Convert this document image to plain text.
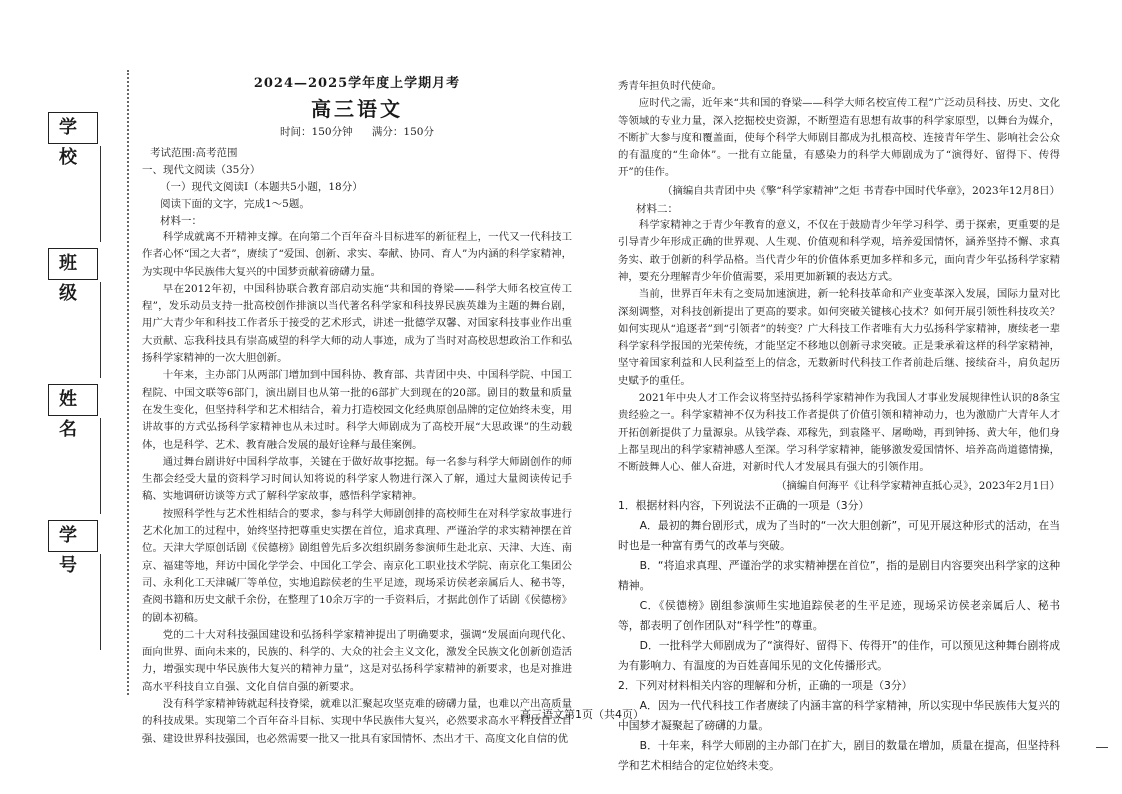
学 校
班 级
姓 名
学 号
2024—2025学年度上学期月考
高三语文
时间：150分钟 满分：150分
考试范围:高考范围
一、现代文阅读（35分）
（一）现代文阅读Ⅰ（本题共5小题，18分）
阅读下面的文字，完成1～5题。
材料一：

科学成就离不开精神支撑。在向第二个百年奋斗目标进军的新征程上，一代又一代科技工作者心怀“国之大者”，赓续了“爱国、创新、求实、奉献、协同、育人”为内涵的科学家精神，为实现中华民族伟大复兴的中国梦贡献着磅礴力量。

早在2012年初，中国科协联合教育部启动实施“共和国的脊梁——科学大师名校宣传工程”，发乐动员支持一批高校创作排演以当代著名科学家和科技界民族英雄为主题的舞台剧，用广大青少年和科技工作者乐于接受的艺术形式，讲述一批德学双馨、对国家科技事业作出重大贡献、忘我科技具有崇高威望的科学大师的动人事迹，成为了当时对高校思想政治工作和弘扬科学家精神的一次大胆创新。

十年来，主办部门从两部门增加到中国科协、教育部、共青团中央、中国科学院、中国工程院、中国文联等6部门，演出剧目也从第一批的6部扩大到现在的20部。剧目的数量和质量在发生变化，但坚持科学和艺术相结合，着力打造校园文化经典原创品牌的定位始终未变，用讲故事的方式弘扬科学家精神也从未过时。科学大师剧成为了高校开展“大思政课”的生动载体，也是科学、艺术、教育融合发展的最好诠释与最佳案例。

通过舞台剧讲好中国科学故事，关键在于做好故事挖掘。每一名参与科学大师剧创作的师生都会经受大量的资料学习时间认知将说的科学家人物进行深入了解，通过大量阅读传记手稿、实地调研访谈等方式了解科学家故事，感悟科学家精神。

按照科学性与艺术性相结合的要求，参与科学大师剧创排的高校师生在对科学家故事进行艺术化加工的过程中，始终坚持把尊重史实摆在首位，追求真理、严谨治学的求实精神摆在首位。天津大学原创话剧《侯德榜》剧组曾先后多次组织剧务参演师生赴北京、天津、大连、南京、福建等地，拜访中国化学学会、中国化工学会、南京化工职业技术学院、南京化工集团公司、永利化工天津碱厂等单位，实地追踪侯老的生平足迹，现场采访侯老亲属后人、秘书等，查阅书籍和历史文献千余份，在整理了10余万字的一手资料后，才据此创作了话剧《侯德榜》的剧本初稿。

党的二十大对科技强国建设和弘扬科学家精神提出了明确要求，强调“发展面向现代化、面向世界、面向未来的，民族的、科学的、大众的社会主义文化，激发全民族文化创新创造活力，增强实现中华民族伟大复兴的精神力量”，这是对弘扬科学家精神的新要求，也是对推进高水平科技自立自强、文化自信自强的新要求。

没有科学家精神铸就起科技脊梁，就难以汇聚起攻坚克难的磅礴力量，也难以产出高质量的科技成果。实现第二个百年奋斗目标、实现中华民族伟大复兴，必然要求高水平科技自立自强、建设世界科技强国，也必然需要一批又一批具有家国情怀、杰出才干、高度文化自信的优

秀青年担负时代使命。

应时代之需，近年来“共和国的脊梁——科学大师名校宣传工程”广泛动员科技、历史、文化等领域的专业力量，深入挖掘校史资源，不断塑造有思想有故事的科学家原型，以舞台为媒介，不断扩大参与度和覆盖面，使每个科学大师剧目都成为扎根高校、连接青年学生、影响社会公众的有温度的“生命体”。一批有立能量，有感染力的科学大师剧成为了“演得好、留得下、传得开”的佳作。

（摘编自共青团中央《擎“科学家精神”之炬 书青春中国时代华章》，2023年12月8日）
材料二：

科学家精神之于青少年教育的意义，不仅在于鼓励青少年学习科学、勇于探索，更重要的是引导青少年形成正确的世界观、人生观、价值观和科学观，培养爱国情怀，涵养坚持不懈、求真务实、敢于创新的科学品格。当代青少年的价值体系更加多样和多元，面向青少年弘扬科学家精神，要充分理解青少年价值需要，采用更加新颖的表达方式。

当前，世界百年未有之变局加速演进，新一轮科技革命和产业变革深入发展，国际力量对比深刻调整，对科技创新提出了更高的要求。如何突破关键核心技术？如何开展引领性科技攻关？如何实现从“追逐者”到“引领者”的转变？广大科技工作者唯有大力弘扬科学家精神，赓续老一辈科学家科学报国的光荣传统，才能坚定不移地以创新寻求突破。正是秉承着这样的科学家精神，坚守着国家利益和人民利益至上的信念，无数新时代科技工作者前赴后继、接续奋斗，肩负起历史赋予的重任。

2021年中央人才工作会议将坚持弘扬科学家精神作为我国人才事业发展规律性认识的8条宝贵经验之一。科学家精神不仅为科技工作者提供了价值引领和精神动力，也为激励广大青年人才开拓创新提供了力量源泉。从钱学森、邓稼先，到袁隆平、屠呦呦，再到钟扬、黄大年，他们身上都呈现出的科学家精神感人至深。学习科学家精神，能够激发爱国情怀、培养高尚道德情操，不断鼓舞人心、催人奋进，对新时代人才发展具有强大的引领作用。

（摘编自何海平《让科学家精神直抵心灵》，2023年2月1日）

1．根据材料内容，下列说法不正确的一项是（3分）

A．最初的舞台剧形式，成为了当时的“一次大胆创新”，可见开展这种形式的活动，在当时也是一种富有勇气的改革与突破。

B．“将追求真理、严谨治学的求实精神摆在首位”，指的是剧目内容要突出科学家的这种精神。

C．《侯德榜》剧组参演师生实地追踪侯老的生平足迹，现场采访侯老亲属后人、秘书等，都表明了创作团队对“科学性”的尊重。

D．一批科学大师剧成为了“演得好、留得下、传得开”的佳作，可以预见这种舞台剧将成为有影响力、有温度的为百姓喜闻乐见的文化传播形式。

2．下列对材料相关内容的理解和分析，正确的一项是（3分）

A．因为一代代科技工作者赓续了内涵丰富的科学家精神，所以实现中华民族伟大复兴的中国梦才凝聚起了磅礴的力量。

B．十年来，科学大师剧的主办部门在扩大，剧目的数量在增加，质量在提高，但坚持科学和艺术相结合的定位始终未变。

高三语文第1页（共4页）
